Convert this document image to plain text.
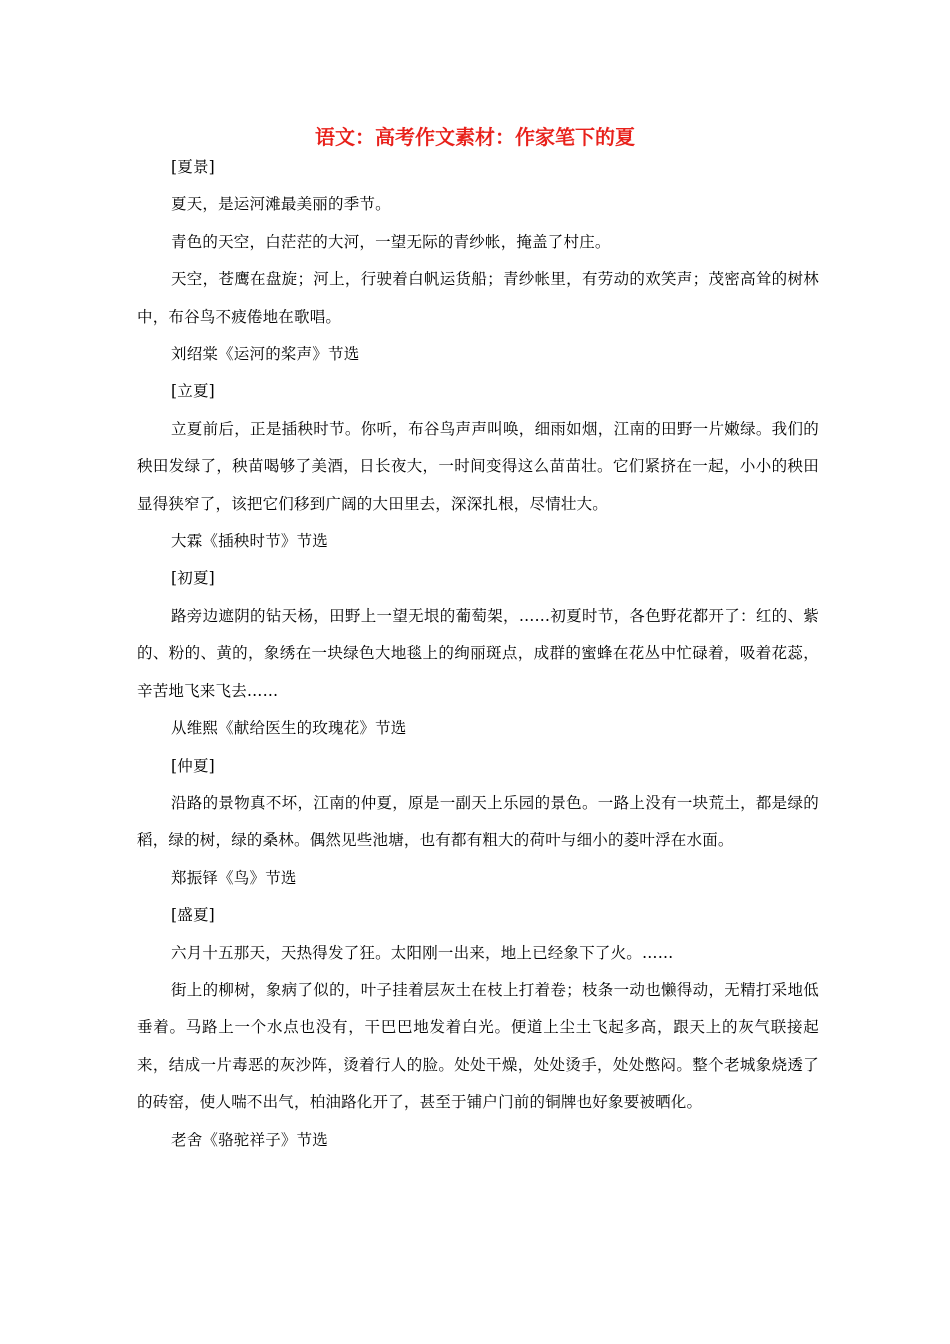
语文：高考作文素材：作家笔下的夏

[夏景]

夏天，是运河滩最美丽的季节。

青色的天空，白茫茫的大河，一望无际的青纱帐，掩盖了村庄。

天空，苍鹰在盘旋；河上，行驶着白帆运货船；青纱帐里，有劳动的欢笑声；茂密高耸的树林中，布谷鸟不疲倦地在歌唱。

刘绍棠《运河的桨声》节选

[立夏]

立夏前后，正是插秧时节。你听，布谷鸟声声叫唤，细雨如烟，江南的田野一片嫩绿。我们的秧田发绿了，秧苗喝够了美酒，日长夜大，一时间变得这么苗苗壮。它们紧挤在一起，小小的秧田显得狭窄了，该把它们移到广阔的大田里去，深深扎根，尽情壮大。

大霖《插秧时节》节选

[初夏]

路旁边遮阴的钻天杨，田野上一望无垠的葡萄架，……初夏时节，各色野花都开了：红的、紫的、粉的、黄的，象绣在一块绿色大地毯上的绚丽斑点，成群的蜜蜂在花丛中忙碌着，吸着花蕊，辛苦地飞来飞去……

从维熙《献给医生的玫瑰花》节选

[仲夏]

沿路的景物真不坏，江南的仲夏，原是一副天上乐园的景色。一路上没有一块荒土，都是绿的稻，绿的树，绿的桑林。偶然见些池塘，也有都有粗大的荷叶与细小的菱叶浮在水面。

郑振铎《鸟》节选

[盛夏]

六月十五那天，天热得发了狂。太阳刚一出来，地上已经象下了火。……

街上的柳树，象病了似的，叶子挂着层灰土在枝上打着卷；枝条一动也懒得动，无精打采地低垂着。马路上一个水点也没有，干巴巴地发着白光。便道上尘土飞起多高，跟天上的灰气联接起来，结成一片毒恶的灰沙阵，烫着行人的脸。处处干燥，处处烫手，处处憋闷。整个老城象烧透了的砖窑，使人喘不出气，柏油路化开了，甚至于铺户门前的铜牌也好象要被晒化。

老舍《骆驼祥子》节选
